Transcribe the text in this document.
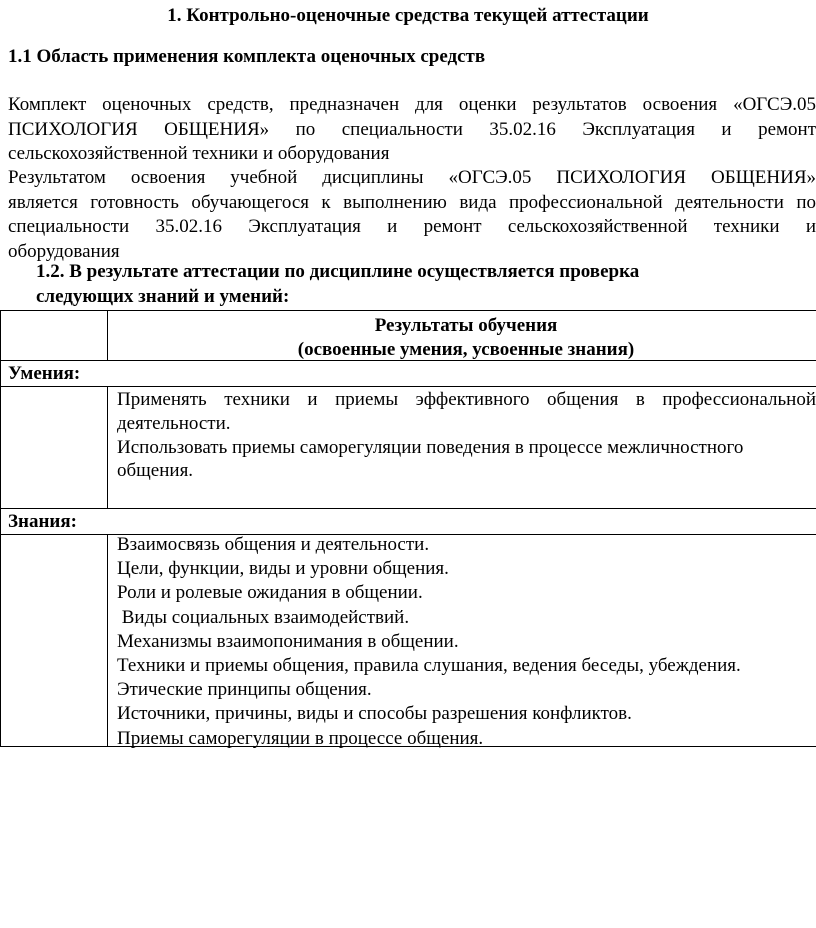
1. Контрольно-оценочные средства текущей аттестации
1.1 Область применения комплекта оценочных средств
Комплект оценочных средств, предназначен для оценки результатов освоения «ОГСЭ.05
ПСИХОЛОГИЯ ОБЩЕНИЯ» по специальности 35.02.16 Эксплуатация и ремонт
сельскохозяйственной техники и оборудования
Результатом освоения учебной дисциплины «ОГСЭ.05 ПСИХОЛОГИЯ ОБЩЕНИЯ»
является готовность обучающегося к выполнению вида профессиональной деятельности по
специальности 35.02.16 Эксплуатация и ремонт сельскохозяйственной техники и
оборудования
1.2. В результате аттестации по дисциплине осуществляется проверка
следующих знаний и умений:
Результаты обучения
(освоенные умения, усвоенные знания)
Умения:
Применять техники и приемы эффективного общения в профессиональной
деятельности.
Использовать приемы саморегуляции поведения в процессе межличностного
общения.
Знания:
Взаимосвязь общения и деятельности.
Цели, функции, виды и уровни общения.
Роли и ролевые ожидания в общении.
Виды социальных взаимодействий.
Механизмы взаимопонимания в общении.
Техники и приемы общения, правила слушания, ведения беседы, убеждения.
Этические принципы общения.
Источники, причины, виды и способы разрешения конфликтов.
Приемы саморегуляции в процессе общения.
